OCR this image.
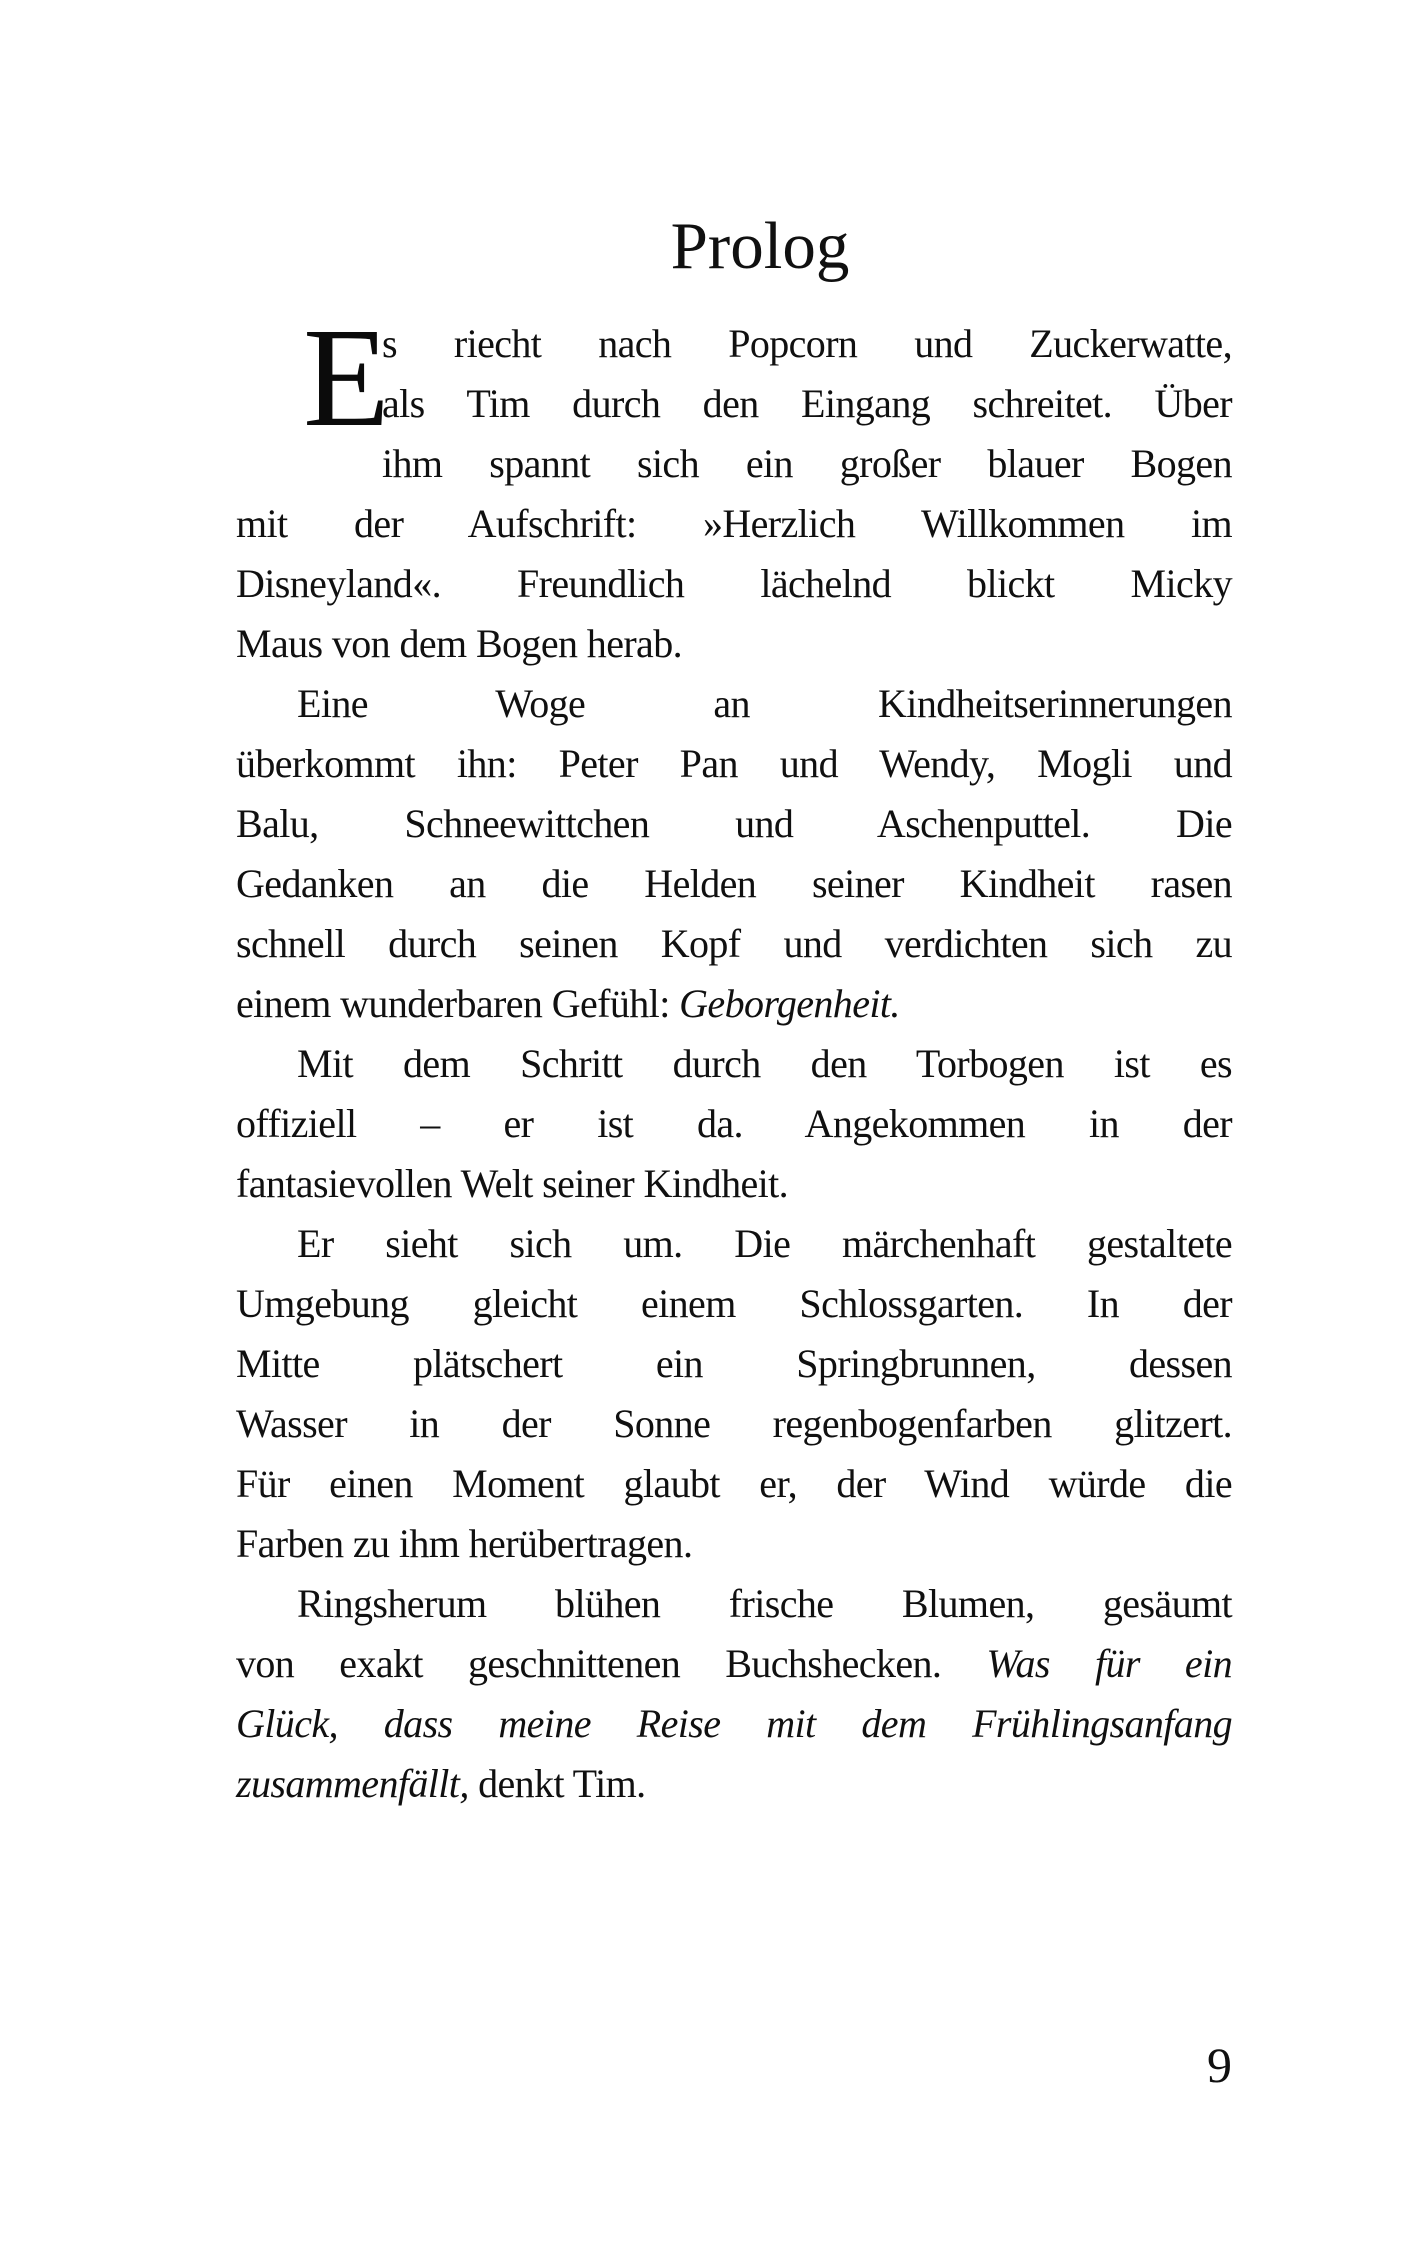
Prolog
E
s riecht nach Popcorn und Zuckerwatte,
als Tim durch den Eingang schreitet. Über
ihm spannt sich ein großer blauer Bogen
mit der Aufschrift: »Herzlich Willkommen im
Disneyland«. Freundlich lächelnd blickt Micky
Maus von dem Bogen herab.
Eine Woge an Kindheitserinnerungen
überkommt ihn: Peter Pan und Wendy, Mogli und
Balu, Schneewittchen und Aschenputtel. Die
Gedanken an die Helden seiner Kindheit rasen
schnell durch seinen Kopf und verdichten sich zu
einem wunderbaren Gefühl: Geborgenheit.
Mit dem Schritt durch den Torbogen ist es
offiziell – er ist da. Angekommen in der
fantasievollen Welt seiner Kindheit.
Er sieht sich um. Die märchenhaft gestaltete
Umgebung gleicht einem Schlossgarten. In der
Mitte plätschert ein Springbrunnen, dessen
Wasser in der Sonne regenbogenfarben glitzert.
Für einen Moment glaubt er, der Wind würde die
Farben zu ihm herübertragen.
Ringsherum blühen frische Blumen, gesäumt
von exakt geschnittenen Buchshecken. Was für ein
Glück, dass meine Reise mit dem Frühlingsanfang
zusammenfällt, denkt Tim.
9
